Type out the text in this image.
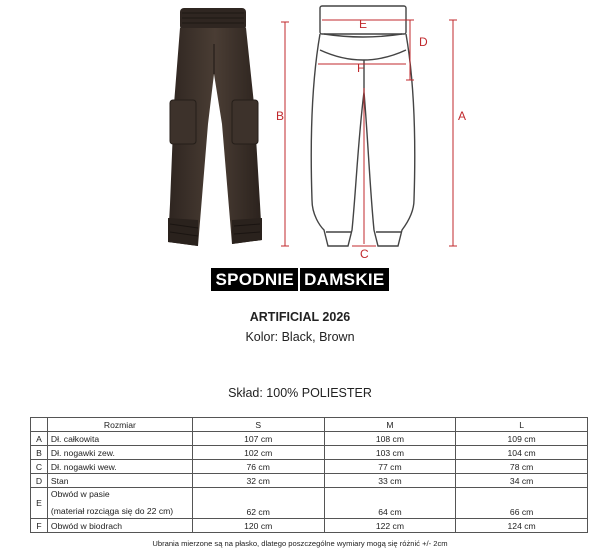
B	A
D
E
F
C
SPODNIE DAMSKIE
ARTIFICIAL 2026
Kolor: Black, Brown
Skład: 100% POLIESTER
	Rozmiar	S	M	L
A	Dł. całkowita	107 cm	108 cm	109 cm
B	Dł. nogawki zew.	102 cm	103 cm	104 cm
C	Dł. nogawki wew.	76 cm	77 cm	78 cm
D	Stan	32 cm	33 cm	34 cm
E	Obwód w pasie
(materiał rozciąga się do 22 cm)	62 cm	64 cm	66 cm
F	Obwód w biodrach	120 cm	122 cm	124 cm
Ubrania mierzone są na płasko, dlatego poszczególne wymiary mogą się różnić +/- 2cm
